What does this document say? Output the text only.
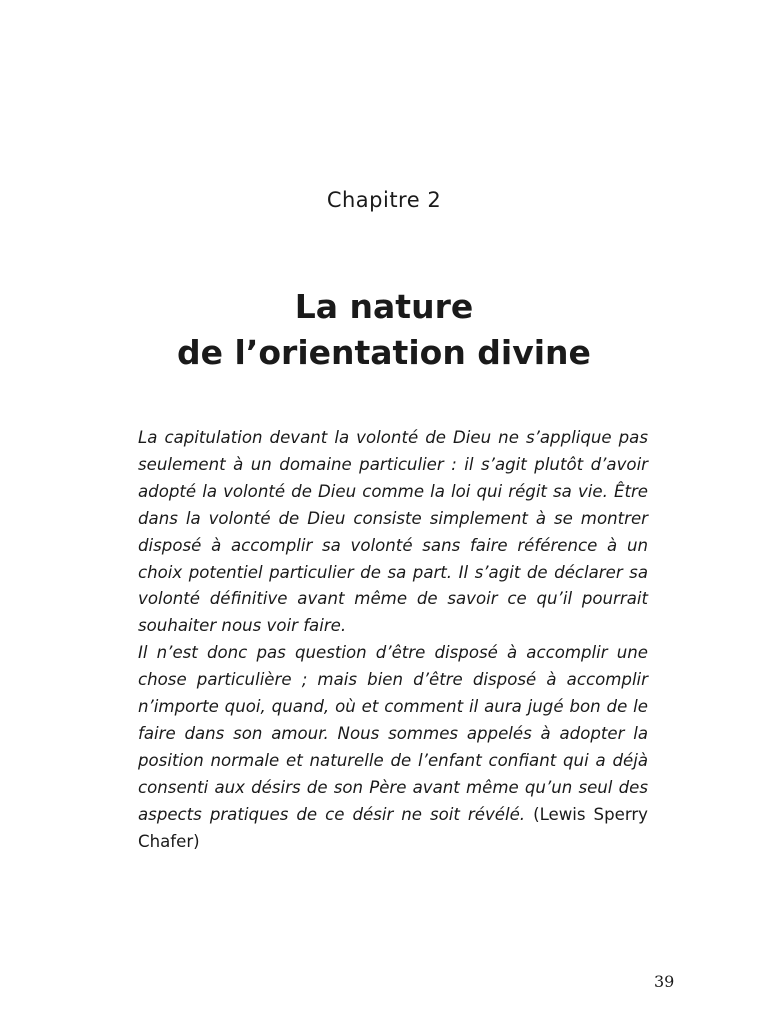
Chapitre 2
La nature
de l’orientation divine

La capitulation devant la volonté de Dieu ne s’applique pas seulement à un domaine particulier : il s’agit plutôt d’avoir adopté la volonté de Dieu comme la loi qui régit sa vie. Être dans la volonté de Dieu consiste simplement à se montrer disposé à accomplir sa volonté sans faire référence à un choix potentiel particulier de sa part. Il s’agit de déclarer sa volonté définitive avant même de savoir ce qu’il pourrait souhaiter nous voir faire.

Il n’est donc pas question d’être disposé à accomplir une chose particulière ; mais bien d’être disposé à accomplir n’importe quoi, quand, où et comment il aura jugé bon de le faire dans son amour. Nous sommes appelés à adopter la position normale et naturelle de l’enfant confiant qui a déjà consenti aux désirs de son Père avant même qu’un seul des aspects pratiques de ce désir ne soit révélé. (Lewis Sperry Chafer)

39
